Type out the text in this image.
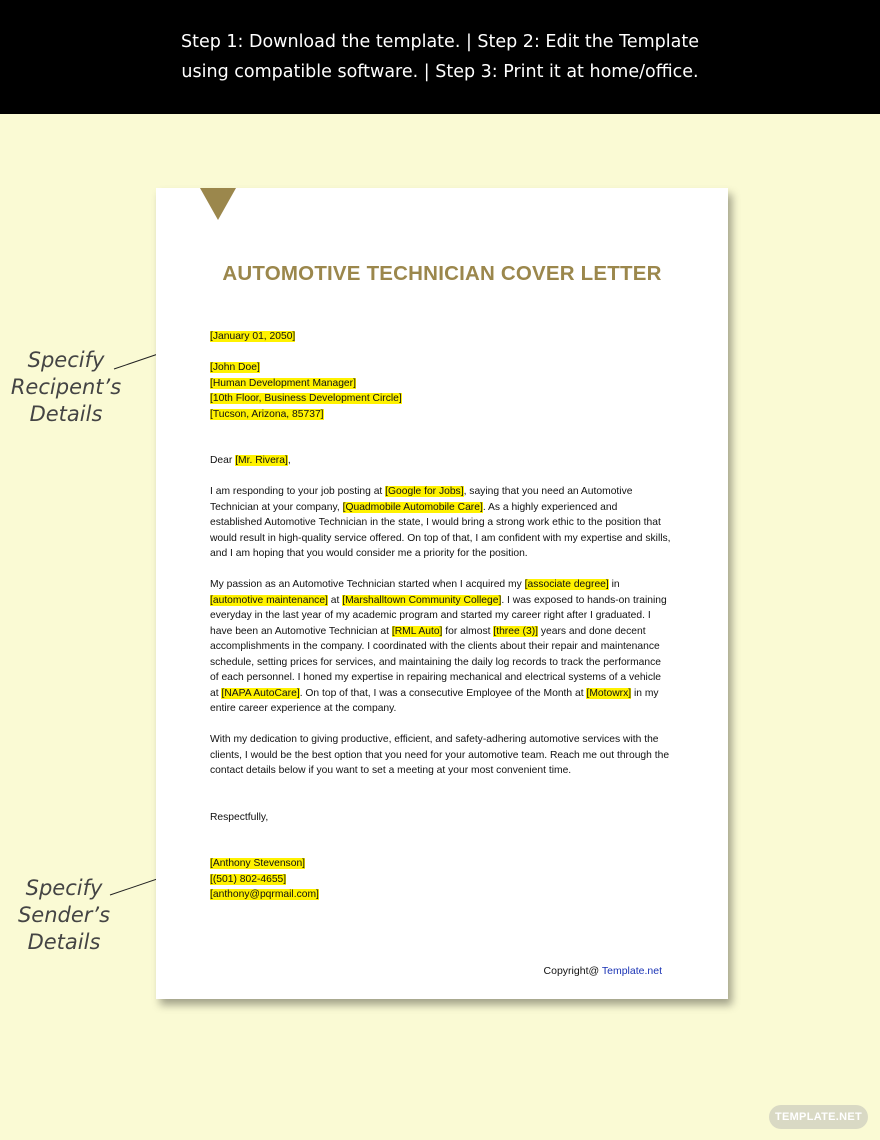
Step 1: Download the template. | Step 2: Edit the Template
using compatible software. | Step 3: Print it at home/office.
Specify
Recipent’s
Details
Specify
Sender’s
Details
AUTOMOTIVE TECHNICIAN COVER LETTER

[January 01, 2050]

[John Doe]
[Human Development Manager]
[10th Floor, Business Development Circle]
[Tucson, Arizona, 85737]

Dear [Mr. Rivera],

I am responding to your job posting at [Google for Jobs], saying that you need an Automotive Technician at your company, [Quadmobile Automobile Care]. As a highly experienced and established Automotive Technician in the state, I would bring a strong work ethic to the position that would result in high-quality service offered. On top of that, I am confident with my expertise and skills, and I am hoping that you would consider me a priority for the position.

My passion as an Automotive Technician started when I acquired my [associate degree] in [automotive maintenance] at [Marshalltown Community College]. I was exposed to hands-on training everyday in the last year of my academic program and started my career right after I graduated. I have been an Automotive Technician at [RML Auto] for almost [three (3)] years and done decent accomplishments in the company. I coordinated with the clients about their repair and maintenance schedule, setting prices for services, and maintaining the daily log records to track the performance of each personnel. I honed my expertise in repairing mechanical and electrical systems of a vehicle at [NAPA AutoCare]. On top of that, I was a consecutive Employee of the Month at [Motowrx] in my entire career experience at the company.

With my dedication to giving productive, efficient, and safety-adhering automotive services with the clients, I would be the best option that you need for your automotive team. Reach me out through the contact details below if you want to set a meeting at your most convenient time.

Respectfully,

[Anthony Stevenson]
[(501) 802-4655]
[anthony@pqrmail.com]

Copyright@ Template.net
TEMPLATE.NET
